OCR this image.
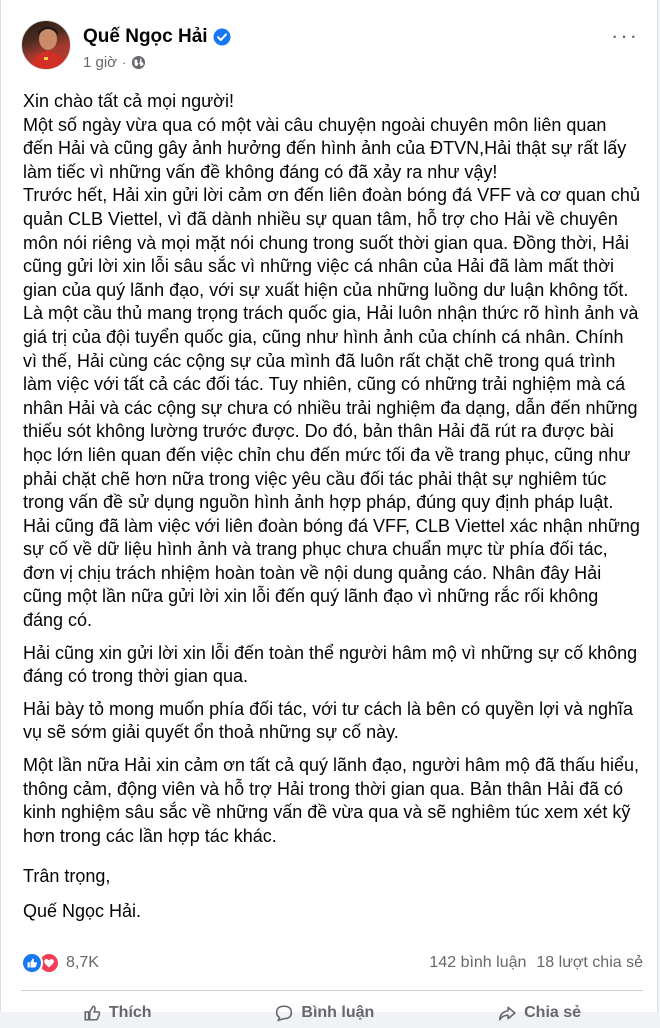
Quế Ngọc Hải
1 giờ ·
···

Xin chào tất cả mọi người!

Một số ngày vừa qua có một vài câu chuyện ngoài chuyên môn liên quan đến Hải và cũng gây ảnh hưởng đến hình ảnh của ĐTVN,Hải thật sự rất lấy làm tiếc vì những vấn đề không đáng có đã xảy ra như vậy!

Trước hết, Hải xin gửi lời cảm ơn đến liên đoàn bóng đá VFF và cơ quan chủ quản CLB Viettel, vì đã dành nhiều sự quan tâm, hỗ trợ cho Hải về chuyên môn nói riêng và mọi mặt nói chung trong suốt thời gian qua. Đồng thời, Hải cũng gửi lời xin lỗi sâu sắc vì những việc cá nhân của Hải đã làm mất thời gian của quý lãnh đạo, với sự xuất hiện của những luồng dư luận không tốt.

Là một cầu thủ mang trọng trách quốc gia, Hải luôn nhận thức rõ hình ảnh và giá trị của đội tuyển quốc gia, cũng như hình ảnh của chính cá nhân. Chính vì thế, Hải cùng các cộng sự của mình đã luôn rất chặt chẽ trong quá trình làm việc với tất cả các đối tác. Tuy nhiên, cũng có những trải nghiệm mà cá nhân Hải và các cộng sự chưa có nhiều trải nghiệm đa dạng, dẫn đến những thiếu sót không lường trước được. Do đó, bản thân Hải đã rút ra được bài học lớn liên quan đến việc chỉn chu đến mức tối đa về trang phục, cũng như phải chặt chẽ hơn nữa trong việc yêu cầu đối tác phải thật sự nghiêm túc trong vấn đề sử dụng nguồn hình ảnh hợp pháp, đúng quy định pháp luật.

Hải cũng đã làm việc với liên đoàn bóng đá VFF, CLB Viettel xác nhận những sự cố về dữ liệu hình ảnh và trang phục chưa chuẩn mực từ phía đối tác, đơn vị chịu trách nhiệm hoàn toàn về nội dung quảng cáo. Nhân đây Hải cũng một lần nữa gửi lời xin lỗi đến quý lãnh đạo vì những rắc rối không đáng có.

Hải cũng xin gửi lời xin lỗi đến toàn thể người hâm mộ vì những sự cố không đáng có trong thời gian qua.

Hải bày tỏ mong muốn phía đối tác, với tư cách là bên có quyền lợi và nghĩa vụ sẽ sớm giải quyết ổn thoả những sự cố này.

Một lần nữa Hải xin cảm ơn tất cả quý lãnh đạo, người hâm mộ đã thấu hiểu, thông cảm, động viên và hỗ trợ Hải trong thời gian qua. Bản thân Hải đã có kinh nghiệm sâu sắc về những vấn đề vừa qua và sẽ nghiêm túc xem xét kỹ hơn trong các lần hợp tác khác.

Trân trọng,

Quế Ngọc Hải.

8,7K	142 bình luận 18 lượt chia sẻ
Thích	Bình luận	Chia sẻ
